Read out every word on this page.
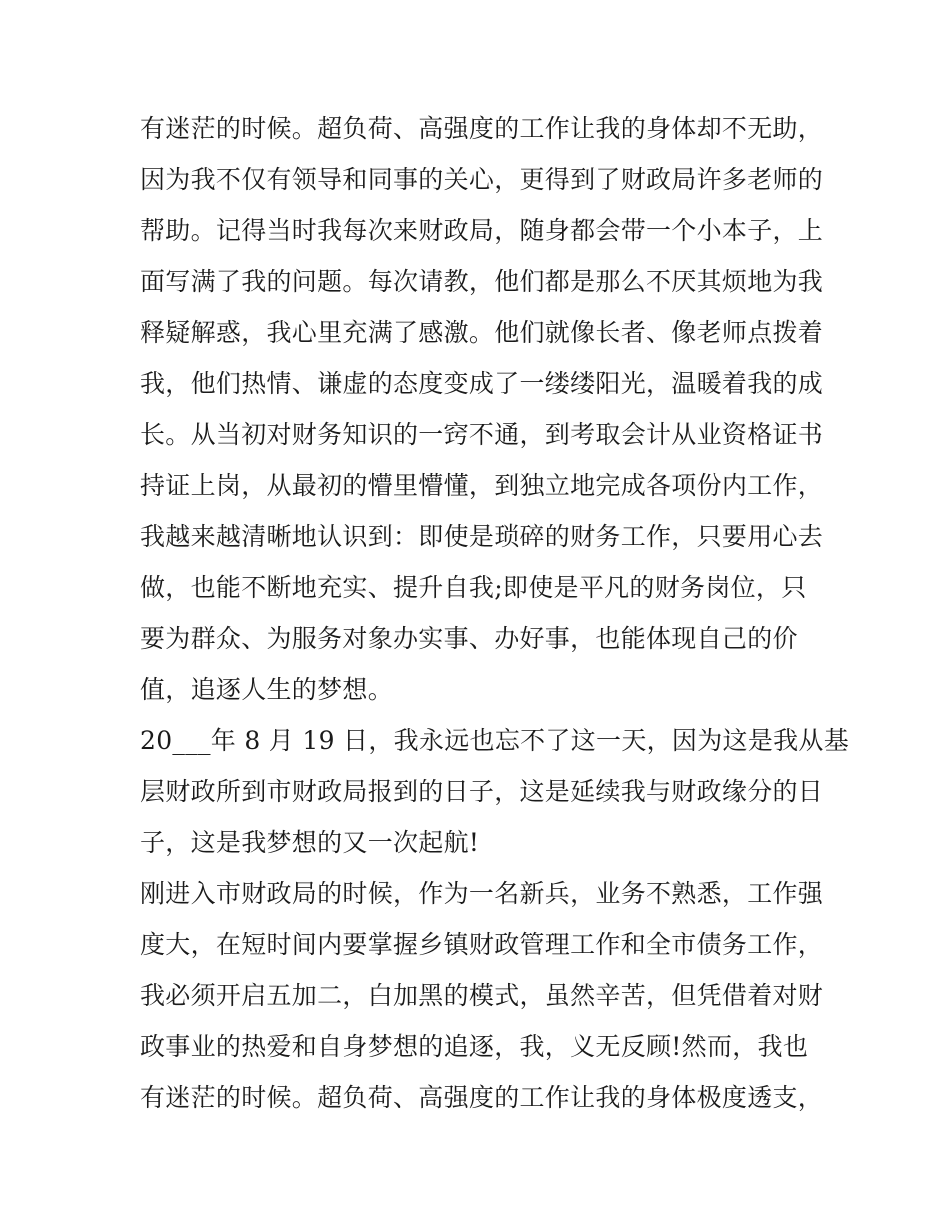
有迷茫的时候。超负荷、高强度的工作让我的身体却不无助，
因为我不仅有领导和同事的关心，更得到了财政局许多老师的
帮助。记得当时我每次来财政局，随身都会带一个小本子，上
面写满了我的问题。每次请教，他们都是那么不厌其烦地为我
释疑解惑，我心里充满了感激。他们就像长者、像老师点拨着
我，他们热情、谦虚的态度变成了一缕缕阳光，温暖着我的成
长。从当初对财务知识的一窍不通，到考取会计从业资格证书
持证上岗，从最初的懵里懵懂，到独立地完成各项份内工作，
我越来越清晰地认识到：即使是琐碎的财务工作，只要用心去
做，也能不断地充实、提升自我;即使是平凡的财务岗位，只
要为群众、为服务对象办实事、办好事，也能体现自己的价
值，追逐人生的梦想。
20___年 8 月 19 日，我永远也忘不了这一天，因为这是我从基
层财政所到市财政局报到的日子，这是延续我与财政缘分的日
子，这是我梦想的又一次起航!
刚进入市财政局的时候，作为一名新兵，业务不熟悉，工作强
度大，在短时间内要掌握乡镇财政管理工作和全市债务工作，
我必须开启五加二，白加黑的模式，虽然辛苦，但凭借着对财
政事业的热爱和自身梦想的追逐，我，义无反顾!然而，我也
有迷茫的时候。超负荷、高强度的工作让我的身体极度透支，
